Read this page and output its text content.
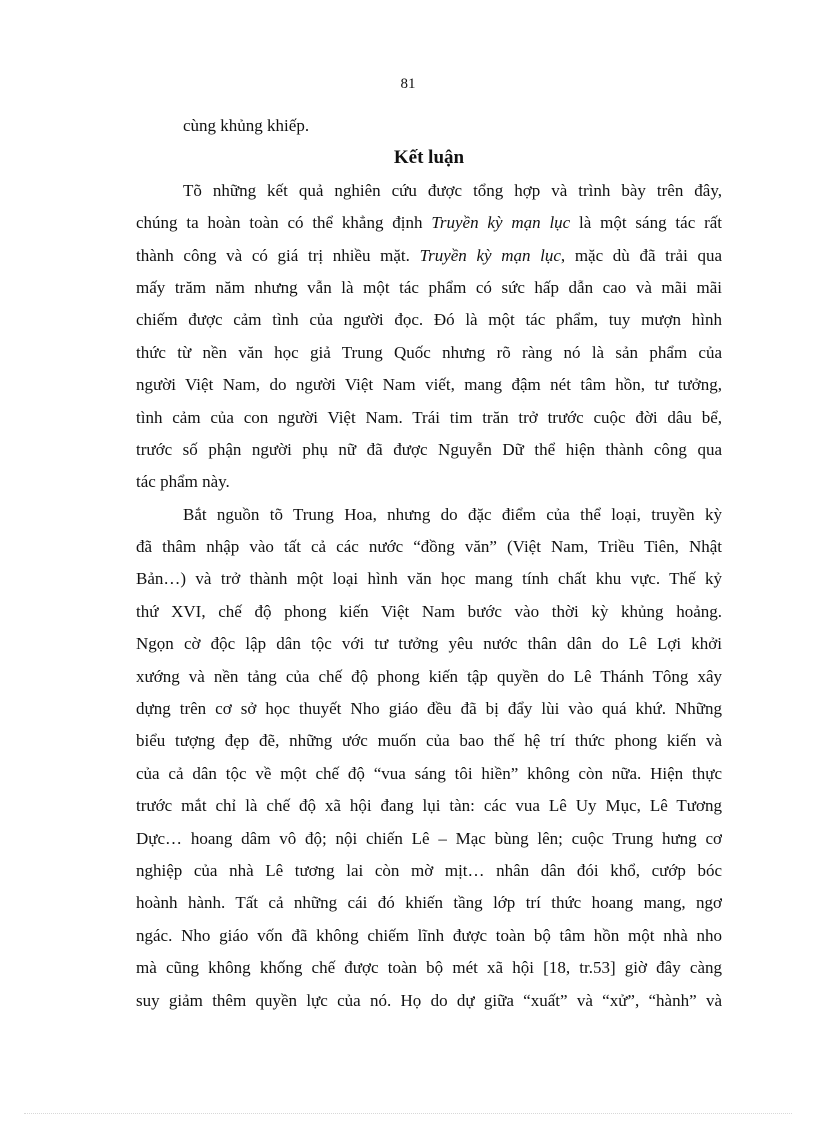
81
cùng khủng khiếp.
Kết luận
Tõ những kết quả nghiên cứu được tổng hợp và trình bày trên đây,
chúng ta hoàn toàn có thể khẳng định Truyền kỳ mạn lục là một sáng tác rất
thành công và có giá trị nhiều mặt. Truyền kỳ mạn lục, mặc dù đã trải qua
mấy trăm năm nhưng vẫn là một tác phẩm có sức hấp dẫn cao và mãi mãi
chiếm được cảm tình của người đọc. Đó là một tác phẩm, tuy mượn hình
thức từ nền văn học giả Trung Quốc nhưng rõ ràng nó là sản phẩm của
người Việt Nam, do người Việt Nam viết, mang đậm nét tâm hồn, tư tưởng,
tình cảm của con người Việt Nam. Trái tim trăn trở trước cuộc đời dâu bể,
trước số phận người phụ nữ đã được Nguyễn Dữ thể hiện thành công qua
tác phẩm này.
Bắt nguồn tõ Trung Hoa, nhưng do đặc điểm của thể loại, truyền kỳ
đã thâm nhập vào tất cả các nước “đồng văn” (Việt Nam, Triều Tiên, Nhật
Bản…) và trở thành một loại hình văn học mang tính chất khu vực. Thế kỷ
thứ XVI, chế độ phong kiến Việt Nam bước vào thời kỳ khủng hoảng.
Ngọn cờ độc lập dân tộc với tư tưởng yêu nước thân dân do Lê Lợi khởi
xướng và nền tảng của chế độ phong kiến tập quyền do Lê Thánh Tông xây
dựng trên cơ sở học thuyết Nho giáo đều đã bị đẩy lùi vào quá khứ. Những
biểu tượng đẹp đẽ, những ước muốn của bao thế hệ trí thức phong kiến và
của cả dân tộc về một chế độ “vua sáng tôi hiền” không còn nữa. Hiện thực
trước mắt chỉ là chế độ xã hội đang lụi tàn: các vua Lê Uy Mục, Lê Tương
Dực… hoang dâm vô độ; nội chiến Lê – Mạc bùng lên; cuộc Trung hưng cơ
nghiệp của nhà Lê tương lai còn mờ mịt… nhân dân đói khổ, cướp bóc
hoành hành. Tất cả những cái đó khiến tầng lớp trí thức hoang mang, ngơ
ngác. Nho giáo vốn đã không chiếm lĩnh được toàn bộ tâm hồn một nhà nho
mà cũng không khống chế được toàn bộ mét xã hội [18, tr.53] giờ đây càng
suy giảm thêm quyền lực của nó. Họ do dự giữa “xuất” và “xử”, “hành” và
